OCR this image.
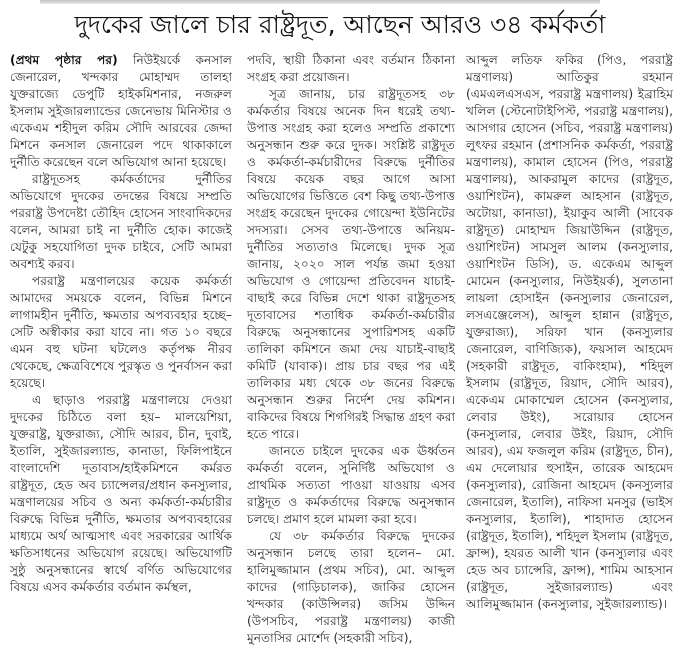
দুদকের জালে চার রাষ্ট্রদূত, আছেন আরও ৩৪ কর্মকর্তা

(প্রথম পৃষ্ঠার পর) নিউইয়র্কে কনসাল জেনারেল, খন্দকার মোহাম্মদ তালহা যুক্তরাজ্যে ডেপুটি হাইকমিশনার, নজরুল ইসলাম সুইজারল্যান্ডের জেনেভায় মিনিস্টার ও একেএম শহীদুল করিম সৌদি আরবের জেদ্দা মিশনে কনসাল জেনারেল পদে থাকাকালে দুর্নীতি করেছেন বলে অভিযোগ আনা হয়েছে।

রাষ্ট্রদূতসহ কর্মকর্তাদের দুর্নীতির অভিযোগে দুদকের তদন্তের বিষয়ে সম্প্রতি পররাষ্ট্র উপদেষ্টা তৌহিদ হোসেন সাংবাদিকদের বলেন, আমরা চাই না দুর্নীতি হোক। কাজেই যেটুকু সহযোগিতা দুদক চাইবে, সেটি আমরা অবশ্যই করব।

পররাষ্ট্র মন্ত্রণালয়ের কয়েক কর্মকর্তা আমাদের সময়কে বলেন, বিভিন্ন মিশনে লাগামহীন দুর্নীতি, ক্ষমতার অপব্যবহার হচ্ছে– সেটি অস্বীকার করা যাবে না। গত ১০ বছরে এমন বহু ঘটনা ঘটলেও কর্তৃপক্ষ নীরব থেকেছে, ক্ষেত্রবিশেষে পুরস্কৃত ও পুনর্বাসন করা হয়েছে।

এ ছাড়াও পররাষ্ট্র মন্ত্রণালয়ে দেওয়া দুদকের চিঠিতে বলা হয়– মালয়েশিয়া, যুক্তরাষ্ট্র, যুক্তরাজ্য, সৌদি আরব, চীন, দুবাই, ইতালি, সুইজারল্যান্ড, কানাডা, ফিলিপাইনে বাংলাদেশি দূতাবাস/হাইকমিশনে কর্মরত রাষ্ট্রদূত, হেড অব চ্যান্সেলর/প্রধান কনস্যুলার, মন্ত্রণালয়ের সচিব ও অন্য কর্মকর্তা-কর্মচারীর বিরুদ্ধে বিভিন্ন দুর্নীতি, ক্ষমতার অপব্যবহারের মাধ্যমে অর্থ আত্মসাৎ এবং সরকারের আর্থিক ক্ষতিসাধনের অভিযোগ রয়েছে। অভিযোগটি সুষ্ঠু অনুসন্ধানের স্বার্থে বর্ণিত অভিযোগের বিষয়ে এসব কর্মকর্তার বর্তমান কর্মস্থল,

পদবি, স্থায়ী ঠিকানা এবং বর্তমান ঠিকানা সংগ্রহ করা প্রয়োজন।

সূত্র জানায়, চার রাষ্ট্রদূতসহ ৩৮ কর্মকর্তার বিষয়ে অনেক দিন ধরেই তথ্য-উপাত্ত সংগ্রহ করা হলেও সম্প্রতি প্রকাশ্যে অনুসন্ধান শুরু করে দুদক। সংশ্লিষ্ট রাষ্ট্রদূত ও কর্মকর্তা-কর্মচারীদের বিরুদ্ধে দুর্নীতির বিষয়ে কয়েক বছর আগে আসা অভিযোগের ভিত্তিতে বেশ কিছু তথ্য-উপাত্ত সংগ্রহ করেছেন দুদকের গোয়েন্দা ইউনিটের সদস্যরা। সেসব তথ্য-উপাত্তে অনিয়ম-দুর্নীতির সত্যতাও মিলেছে। দুদক সূত্র জানায়, ২০২০ সাল পর্যন্ত জমা হওয়া অভিযোগ ও গোয়েন্দা প্রতিবেদন যাচাই-বাছাই করে বিভিন্ন দেশে থাকা রাষ্ট্রদূতসহ দূতাবাসের শতাধিক কর্মকর্তা-কর্মচারীর বিরুদ্ধে অনুসন্ধানের সুপারিশসহ একটি তালিকা কমিশনে জমা দেয় যাচাই-বাছাই কমিটি (যাবাক)। প্রায় চার বছর পর এই তালিকার মধ্য থেকে ৩৮ জনের বিরুদ্ধে অনুসন্ধান শুরুর নির্দেশ দেয় কমিশন। বাকিদের বিষয়ে শিগগিরই সিদ্ধান্ত গ্রহণ করা হতে পারে।

জানতে চাইলে দুদকের এক ঊর্ধ্বতন কর্মকর্তা বলেন, সুনির্দিষ্ট অভিযোগ ও প্রাথমিক সত্যতা পাওয়া যাওয়ায় এসব রাষ্ট্রদূত ও কর্মকর্তাদের বিরুদ্ধে অনুসন্ধান চলছে। প্রমাণ হলে মামলা করা হবে।

যে ৩৮ কর্মকর্তার বিরুদ্ধে দুদকের অনুসন্ধান চলছে তারা হলেন– মো. হালিমুজ্জামান (প্রথম সচিব), মো. আব্দুল কাদের (গাড়িচালক), জাকির হোসেন খন্দকার (কাউন্সিলর) জসিম উদ্দিন (উপসচিব, পররাষ্ট্র মন্ত্রণালয়) কাজী মুনতাসির মোর্শেদ (সহকারী সচিব),

আব্দুল লতিফ ফকির (পিও, পররাষ্ট্র মন্ত্রণালয়) আতিকুর রহমান (এমএলএসএস, পররাষ্ট্র মন্ত্রণালয়) ইব্রাহিম খলিল (স্টেনোটাইপিস্ট, পররাষ্ট্র মন্ত্রণালয়), আসগার হোসেন (সচিব, পররাষ্ট্র মন্ত্রণালয়) লুৎফর রহমান (প্রশাসনিক কর্মকর্তা, পররাষ্ট্র মন্ত্রণালয়), কামাল হোসেন (পিও, পররাষ্ট্র মন্ত্রণালয়), আকরামুল কাদের (রাষ্ট্রদূত, ওয়াশিংটন), কামরুল আহসান (রাষ্ট্রদূত, অটোয়া, কানাডা), ইয়াকুব আলী (সাবেক রাষ্ট্রদূত) মোহাম্মদ জিয়াউদ্দিন (রাষ্ট্রদূত, ওয়াশিংটন) সামসুল আলম (কনস্যুলার, ওয়াশিংটন ডিসি), ড. একেএম আব্দুল মোমেন (কনস্যুলার, নিউইয়র্ক), সুলতানা লায়লা হোসাইন (কনস্যুলার জেনারেল, লসএঞ্জেলেস), আব্দুল হান্নান (রাষ্ট্রদূত, যুক্তরাজ্য), সরিফা খান (কনস্যুলার জেনারেল, বাণিজ্যিক), ফয়সাল আহমেদ (সহকারী রাষ্ট্রদূত, বাকিংহাম), শহিদুল ইসলাম (রাষ্ট্রদূত, রিয়াদ, সৌদি আরব), একেএম মোকাম্মেল হোসেন (কনস্যুলার, লেবার উইং), সরোয়ার হোসেন (কনস্যুলার, লেবার উইং, রিয়াদ, সৌদি আরব), এম ফজলুল করিম (রাষ্ট্রদূত, চীন), এম দেলোয়ার হুসাইন, তারেক আহমেদ (কনস্যুলার), রোজিনা আহমেদ (কনস্যুলার জেনারেল, ইতালি), নাফিসা মনসুর (ভাইস কনস্যুলার, ইতালি), শাহাদাত হোসেন (রাষ্ট্রদূত, ইতালি), শহিদুল ইসলাম (রাষ্ট্রদূত, ফ্রান্স), হযরত আলী খান (কনস্যুলার এবং হেড অব চ্যান্সেরি, ফ্রান্স), শামিম আহসান (রাষ্ট্রদূত, সুইজারল্যান্ড) এবং আলিমুজ্জামান (কনস্যুলার, সুইজারল্যান্ড)।
